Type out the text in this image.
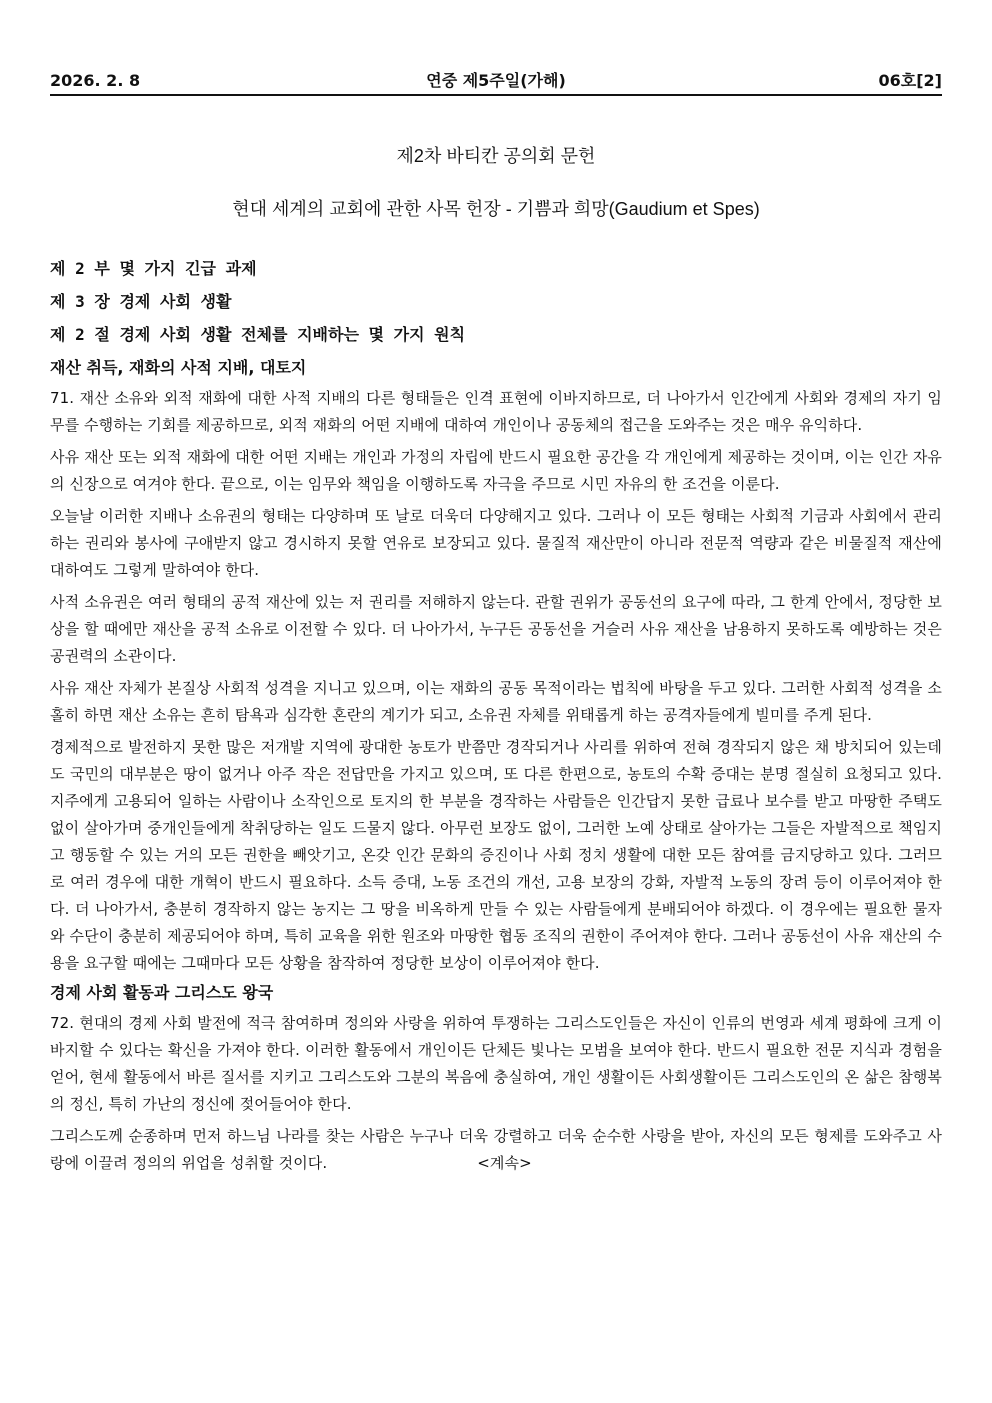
2026. 2. 8	연중 제5주일(가해)	06호[2]
제2차 바티칸 공의회 문헌
현대 세계의 교회에 관한 사목 헌장 - 기쁨과 희망(Gaudium et Spes)
제 2 부 몇 가지 긴급 과제
제 3 장 경제 사회 생활
제 2 절 경제 사회 생활 전체를 지배하는 몇 가지 원칙
재산 취득, 재화의 사적 지배, 대토지

71. 재산 소유와 외적 재화에 대한 사적 지배의 다른 형태들은 인격 표현에 이바지하므로, 더 나아가서 인간에게 사회와 경제의 자기 임무를 수행하는 기회를 제공하므로, 외적 재화의 어떤 지배에 대하여 개인이나 공동체의 접근을 도와주는 것은 매우 유익하다.

사유 재산 또는 외적 재화에 대한 어떤 지배는 개인과 가정의 자립에 반드시 필요한 공간을 각 개인에게 제공하는 것이며, 이는 인간 자유의 신장으로 여겨야 한다. 끝으로, 이는 임무와 책임을 이행하도록 자극을 주므로 시민 자유의 한 조건을 이룬다.

오늘날 이러한 지배나 소유권의 형태는 다양하며 또 날로 더욱더 다양해지고 있다. 그러나 이 모든 형태는 사회적 기금과 사회에서 관리하는 권리와 봉사에 구애받지 않고 경시하지 못할 연유로 보장되고 있다. 물질적 재산만이 아니라 전문적 역량과 같은 비물질적 재산에 대하여도 그렇게 말하여야 한다.

사적 소유권은 여러 형태의 공적 재산에 있는 저 권리를 저해하지 않는다. 관할 권위가 공동선의 요구에 따라, 그 한계 안에서, 정당한 보상을 할 때에만 재산을 공적 소유로 이전할 수 있다. 더 나아가서, 누구든 공동선을 거슬러 사유 재산을 남용하지 못하도록 예방하는 것은 공권력의 소관이다.

사유 재산 자체가 본질상 사회적 성격을 지니고 있으며, 이는 재화의 공동 목적이라는 법칙에 바탕을 두고 있다. 그러한 사회적 성격을 소홀히 하면 재산 소유는 흔히 탐욕과 심각한 혼란의 계기가 되고, 소유권 자체를 위태롭게 하는 공격자들에게 빌미를 주게 된다.

경제적으로 발전하지 못한 많은 저개발 지역에 광대한 농토가 반쯤만 경작되거나 사리를 위하여 전혀 경작되지 않은 채 방치되어 있는데도 국민의 대부분은 땅이 없거나 아주 작은 전답만을 가지고 있으며, 또 다른 한편으로, 농토의 수확 증대는 분명 절실히 요청되고 있다. 지주에게 고용되어 일하는 사람이나 소작인으로 토지의 한 부분을 경작하는 사람들은 인간답지 못한 급료나 보수를 받고 마땅한 주택도 없이 살아가며 중개인들에게 착취당하는 일도 드물지 않다. 아무런 보장도 없이, 그러한 노예 상태로 살아가는 그들은 자발적으로 책임지고 행동할 수 있는 거의 모든 권한을 빼앗기고, 온갖 인간 문화의 증진이나 사회 정치 생활에 대한 모든 참여를 금지당하고 있다. 그러므로 여러 경우에 대한 개혁이 반드시 필요하다. 소득 증대, 노동 조건의 개선, 고용 보장의 강화, 자발적 노동의 장려 등이 이루어져야 한다. 더 나아가서, 충분히 경작하지 않는 농지는 그 땅을 비옥하게 만들 수 있는 사람들에게 분배되어야 하겠다. 이 경우에는 필요한 물자와 수단이 충분히 제공되어야 하며, 특히 교육을 위한 원조와 마땅한 협동 조직의 권한이 주어져야 한다. 그러나 공동선이 사유 재산의 수용을 요구할 때에는 그때마다 모든 상황을 참작하여 정당한 보상이 이루어져야 한다.

경제 사회 활동과 그리스도 왕국

72. 현대의 경제 사회 발전에 적극 참여하며 정의와 사랑을 위하여 투쟁하는 그리스도인들은 자신이 인류의 번영과 세계 평화에 크게 이바지할 수 있다는 확신을 가져야 한다. 이러한 활동에서 개인이든 단체든 빛나는 모범을 보여야 한다. 반드시 필요한 전문 지식과 경험을 얻어, 현세 활동에서 바른 질서를 지키고 그리스도와 그분의 복음에 충실하여, 개인 생활이든 사회생활이든 그리스도인의 온 삶은 참행복의 정신, 특히 가난의 정신에 젖어들어야 한다.

그리스도께 순종하며 먼저 하느님 나라를 찾는 사람은 누구나 더욱 강렬하고 더욱 순수한 사랑을 받아, 자신의 모든 형제를 도와주고 사랑에 이끌려 정의의 위업을 성취할 것이다.	<계속>
